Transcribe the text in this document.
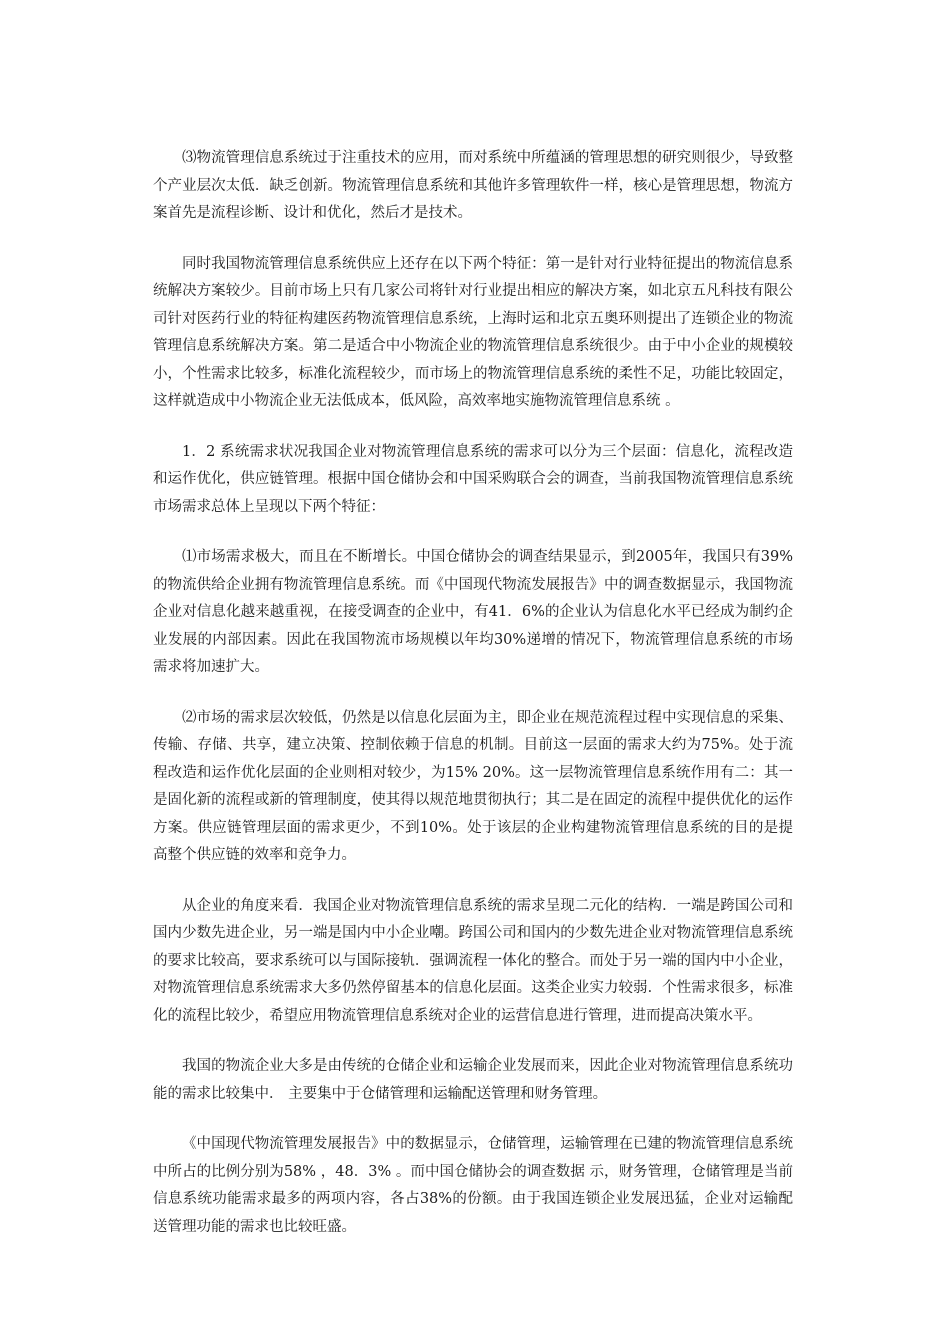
⑶物流管理信息系统过于注重技术的应用，而对系统中所蕴涵的管理思想的研究则很少，导致整个产业层次太低．缺乏创新。物流管理信息系统和其他许多管理软件一样，核心是管理思想，物流方案首先是流程诊断、设计和优化，然后才是技术。

同时我国物流管理信息系统供应上还存在以下两个特征：第一是针对行业特征提出的物流信息系统解决方案较少。目前市场上只有几家公司将针对行业提出相应的解决方案，如北京五凡科技有限公司针对医药行业的特征构建医药物流管理信息系统，上海时运和北京五奥环则提出了连锁企业的物流管理信息系统解决方案。第二是适合中小物流企业的物流管理信息系统很少。由于中小企业的规模较小，个性需求比较多，标准化流程较少，而市场上的物流管理信息系统的柔性不足，功能比较固定，这样就造成中小物流企业无法低成本，低风险，高效率地实施物流管理信息系统 。

1．2 系统需求状况我国企业对物流管理信息系统的需求可以分为三个层面：信息化，流程改造和运作优化，供应链管理。根据中国仓储协会和中国采购联合会的调查，当前我国物流管理信息系统市场需求总体上呈现以下两个特征：

⑴市场需求极大，而且在不断增长。中国仓储协会的调查结果显示，到2005年，我国只有39%的物流供给企业拥有物流管理信息系统。而《中国现代物流发展报告》中的调查数据显示，我国物流企业对信息化越来越重视，在接受调查的企业中，有41．6%的企业认为信息化水平已经成为制约企业发展的内部因素。因此在我国物流市场规模以年均30%递增的情况下，物流管理信息系统的市场需求将加速扩大。

⑵市场的需求层次较低，仍然是以信息化层面为主，即企业在规范流程过程中实现信息的采集、传输、存储、共享，建立决策、控制依赖于信息的机制。目前这一层面的需求大约为75%。处于流程改造和运作优化层面的企业则相对较少，为15% 20%。这一层物流管理信息系统作用有二：其一是固化新的流程或新的管理制度，使其得以规范地贯彻执行；其二是在固定的流程中提供优化的运作方案。供应链管理层面的需求更少，不到10%。处于该层的企业构建物流管理信息系统的目的是提高整个供应链的效率和竞争力。

从企业的角度来看．我国企业对物流管理信息系统的需求呈现二元化的结构．一端是跨国公司和国内少数先进企业，另一端是国内中小企业嘲。跨国公司和国内的少数先进企业对物流管理信息系统的要求比较高，要求系统可以与国际接轨．强调流程一体化的整合。而处于另一端的国内中小企业，对物流管理信息系统需求大多仍然停留基本的信息化层面。这类企业实力较弱．个性需求很多，标准化的流程比较少，希望应用物流管理信息系统对企业的运营信息进行管理，进而提高决策水平。

我国的物流企业大多是由传统的仓储企业和运输企业发展而来，因此企业对物流管理信息系统功能的需求比较集中． 主要集中于仓储管理和运输配送管理和财务管理。

《中国现代物流管理发展报告》中的数据显示，仓储管理，运输管理在已建的物流管理信息系统中所占的比例分别为58% ，48．3% 。而中国仓储协会的调查数据 示，财务管理，仓储管理是当前信息系统功能需求最多的两项内容，各占38%的份额。由于我国连锁企业发展迅猛，企业对运输配送管理功能的需求也比较旺盛。
